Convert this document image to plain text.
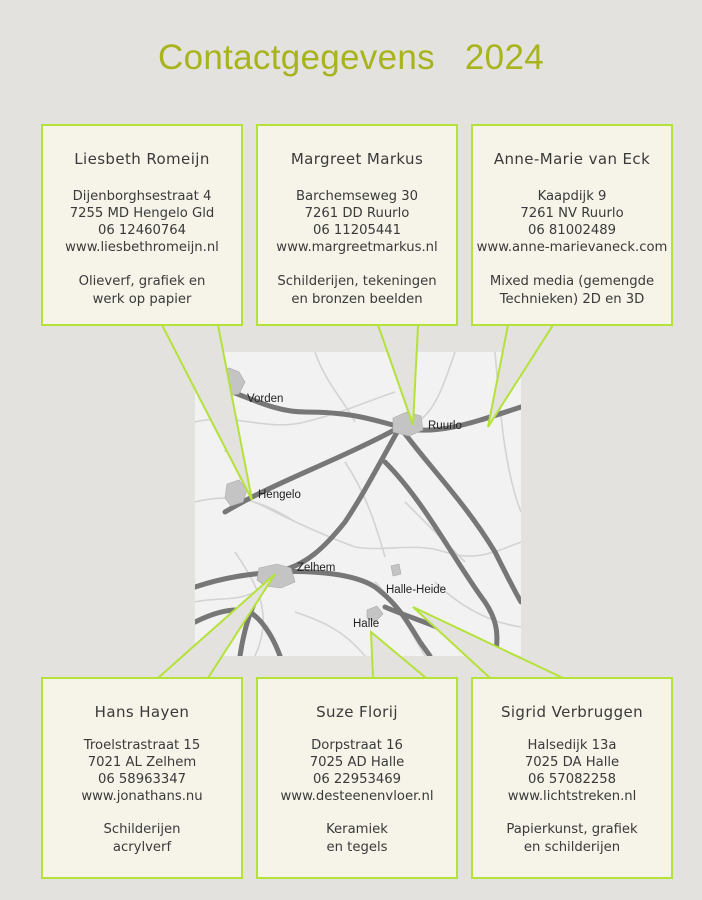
Contactgegevens 2024
Vorden
Ruurlo
Hengelo
Zelhem
Halle-Heide
Halle
Liesbeth Romeijn
Dijenborghsestraat 4
7255 MD Hengelo Gld
06 12460764
www.liesbethromeijn.nl
Olieverf, grafiek en
werk op papier
Margreet Markus
Barchemseweg 30
7261 DD Ruurlo
06 11205441
www.margreetmarkus.nl
Schilderijen, tekeningen
en bronzen beelden
Anne-Marie van Eck
Kaapdijk 9
7261 NV Ruurlo
06 81002489
www.anne-marievaneck.com
Mixed media (gemengde
Technieken) 2D en 3D
Hans Hayen
Troelstrastraat 15
7021 AL Zelhem
06 58963347
www.jonathans.nu
Schilderijen
acrylverf
Suze Florij
Dorpstraat 16
7025 AD Halle
06 22953469
www.desteenenvloer.nl
Keramiek
en tegels
Sigrid Verbruggen
Halsedijk 13a
7025 DA Halle
06 57082258
www.lichtstreken.nl
Papierkunst, grafiek
en schilderijen
